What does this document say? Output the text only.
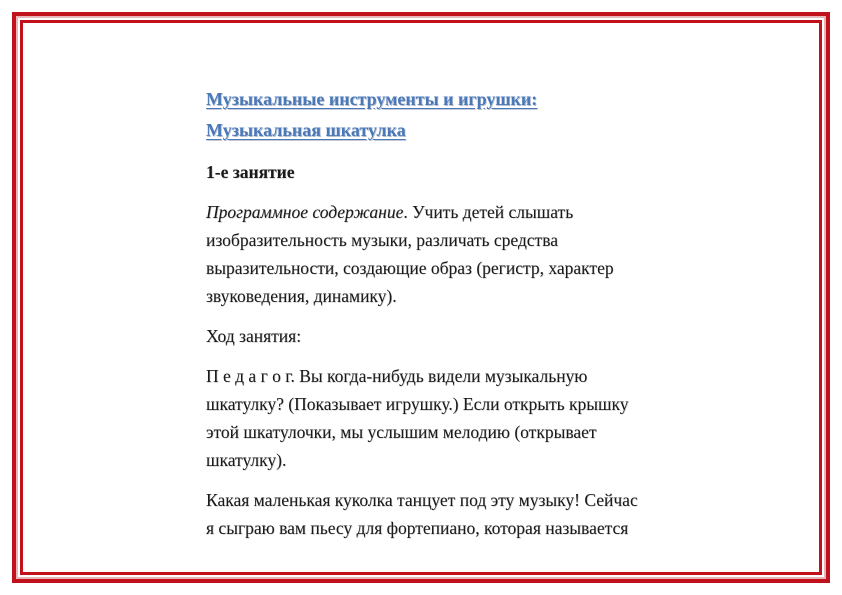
Музыкальные инструменты и игрушки:
Музыкальная шкатулка

1-е занятие

Программное содержание. Учить детей слышать
изобразительность музыки, различать средства
выразительности, создающие образ (регистр, характер
звуковедения, динамику).

Ход занятия:

П е д а г о г. Вы когда-нибудь видели музыкальную
шкатулку? (Показывает игрушку.) Если открыть крышку
этой шкатулочки, мы услышим мелодию (открывает
шкатулку).
Какая маленькая куколка танцует под эту музыку! Сейчас
я сыграю вам пьесу для фортепиано, которая называется
